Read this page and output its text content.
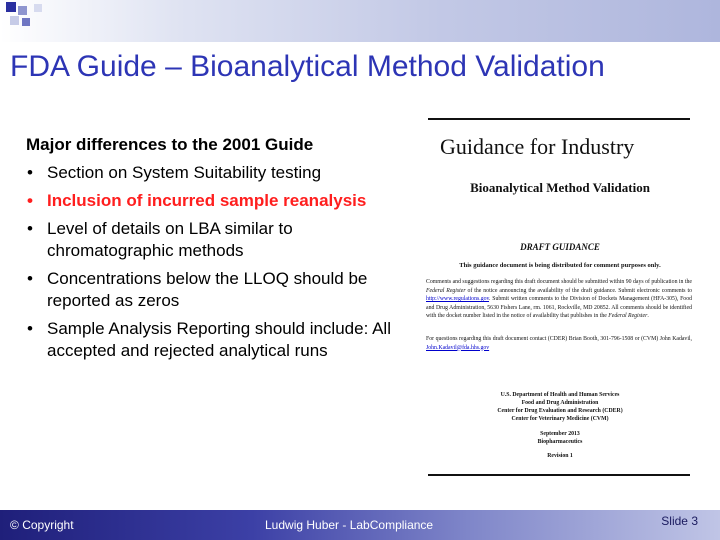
FDA Guide – Bioanalytical Method Validation
Major differences to the 2001 Guide
• Section on System Suitability testing
• Inclusion of incurred sample reanalysis
• Level of details on LBA similar to chromatographic methods
• Concentrations below the LLOQ should be reported as zeros
• Sample Analysis Reporting should include: All accepted and rejected analytical runs
Guidance for Industry
Bioanalytical Method Validation
DRAFT GUIDANCE
This guidance document is being distributed for comment purposes only.
Comments and suggestions regarding this draft document should be submitted within 90 days of publication in the Federal Register of the notice announcing the availability of the draft guidance. Submit electronic comments to http://www.regulations.gov. Submit written comments to the Division of Dockets Management (HFA-305), Food and Drug Administration, 5630 Fishers Lane, rm. 1061, Rockville, MD 20852. All comments should be identified with the docket number listed in the notice of availability that publishes in the Federal Register.
For questions regarding this draft document contact (CDER) Brian Booth, 301-796-1508 or (CVM) John Kadavil, John.Kadavil@fda.hhs.gov
U.S. Department of Health and Human Services
Food and Drug Administration
Center for Drug Evaluation and Research (CDER)
Center for Veterinary Medicine (CVM)
September 2013
Biopharmaceutics
Revision 1
© Copyright	Ludwig Huber - LabCompliance	Slide 3
